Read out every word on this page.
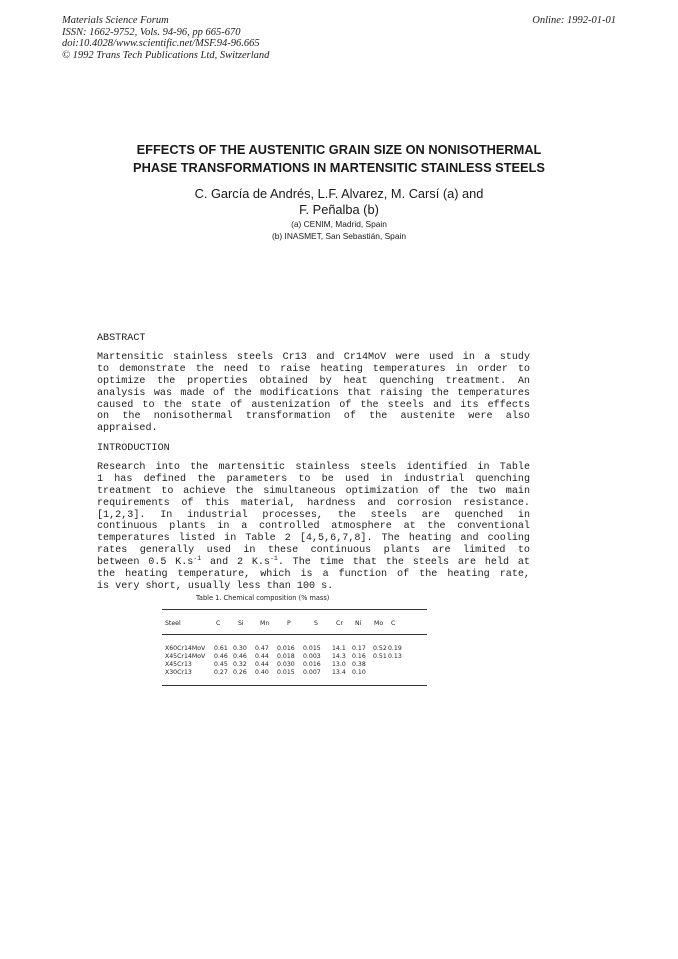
Materials Science Forum
ISSN: 1662-9752, Vols. 94-96, pp 665-670
doi:10.4028/www.scientific.net/MSF.94-96.665
© 1992 Trans Tech Publications Ltd, Switzerland
Online: 1992-01-01
EFFECTS OF THE AUSTENITIC GRAIN SIZE ON NONISOTHERMAL
PHASE TRANSFORMATIONS IN MARTENSITIC STAINLESS STEELS
C. García de Andrés, L.F. Alvarez, M. Carsí (a) and
F. Peñalba (b)
(a) CENIM, Madrid, Spain
(b) INASMET, San Sebastián, Spain
ABSTRACT
Martensitic stainless steels Cr13 and Cr14MoV were used in a study
to demonstrate the need to raise heating temperatures in order to
optimize the properties obtained by heat quenching treatment. An
analysis was made of the modifications that raising the temperatures
caused to the state of austenization of the steels and its effects
on the nonisothermal transformation of the austenite were also
appraised.
INTRODUCTION
Research into the martensitic stainless steels identified in Table
1 has defined the parameters to be used in industrial quenching
treatment to achieve the simultaneous optimization of the two main
requirements of this material, hardness and corrosion resistance.
[1,2,3]. In industrial processes, the steels are quenched in
continuous plants in a controlled atmosphere at the conventional
temperatures listed in Table 2 [4,5,6,7,8]. The heating and cooling
rates generally used in these continuous plants are limited to
between 0.5 $K.s^{-1}$ and 2 $K.s^{-1}$. The time that the steels are held at
the heating temperature, which is a function of the heating rate,
is very short, usually less than 100 s.
Table 1. Chemical composition (% mass)
Steel	C	Si	Mn	P	S	Cr Ni Mo C
X60Cr14MoV 0.61 0.30 0.47 0.016 0.015 14.1 0.17 0.52 0.19
X45Cr14MoV 0.46 0.46 0.44 0.018 0.003 14.3 0.16 0.51 0.13
X45Cr13	0.45 0.32 0.44 0.030 0.016 13.0 0.38
X30Cr13	0.27 0.26 0.40 0.015 0.007 13.4 0.10
